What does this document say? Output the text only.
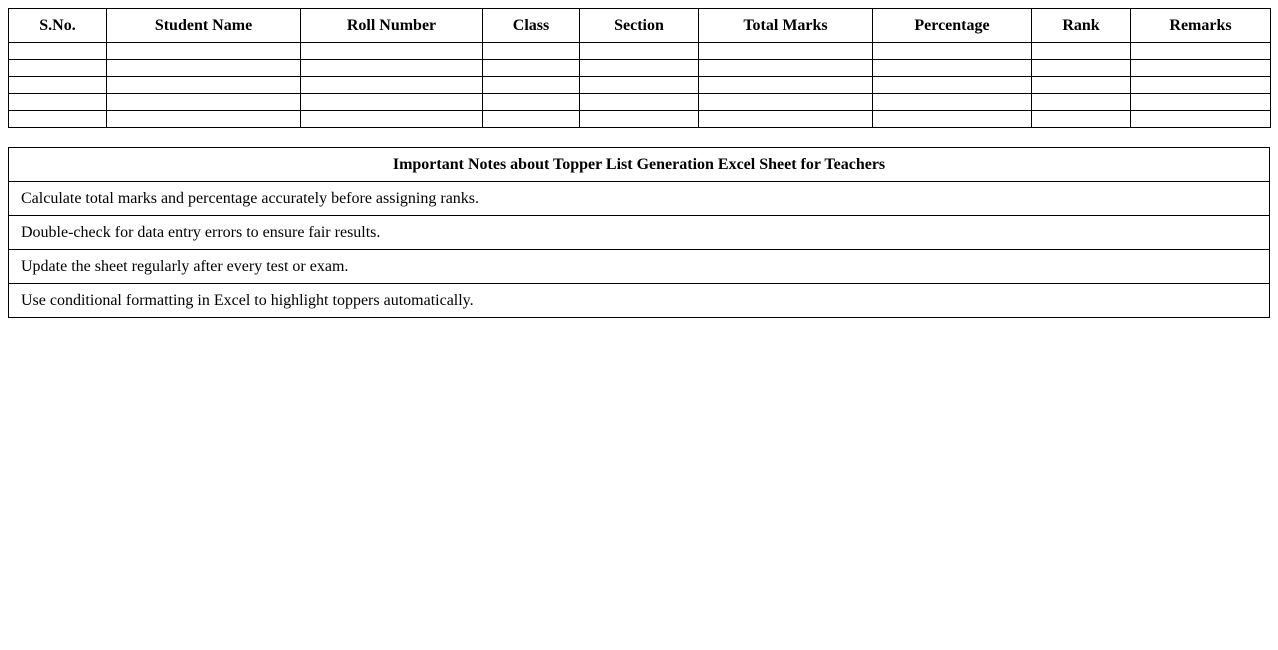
S.No.	Student Name	Roll Number	Class	Section	Total Marks	Percentage	Rank	Remarks

Important Notes about Topper List Generation Excel Sheet for Teachers
Calculate total marks and percentage accurately before assigning ranks.
Double-check for data entry errors to ensure fair results.
Update the sheet regularly after every test or exam.
Use conditional formatting in Excel to highlight toppers automatically.
